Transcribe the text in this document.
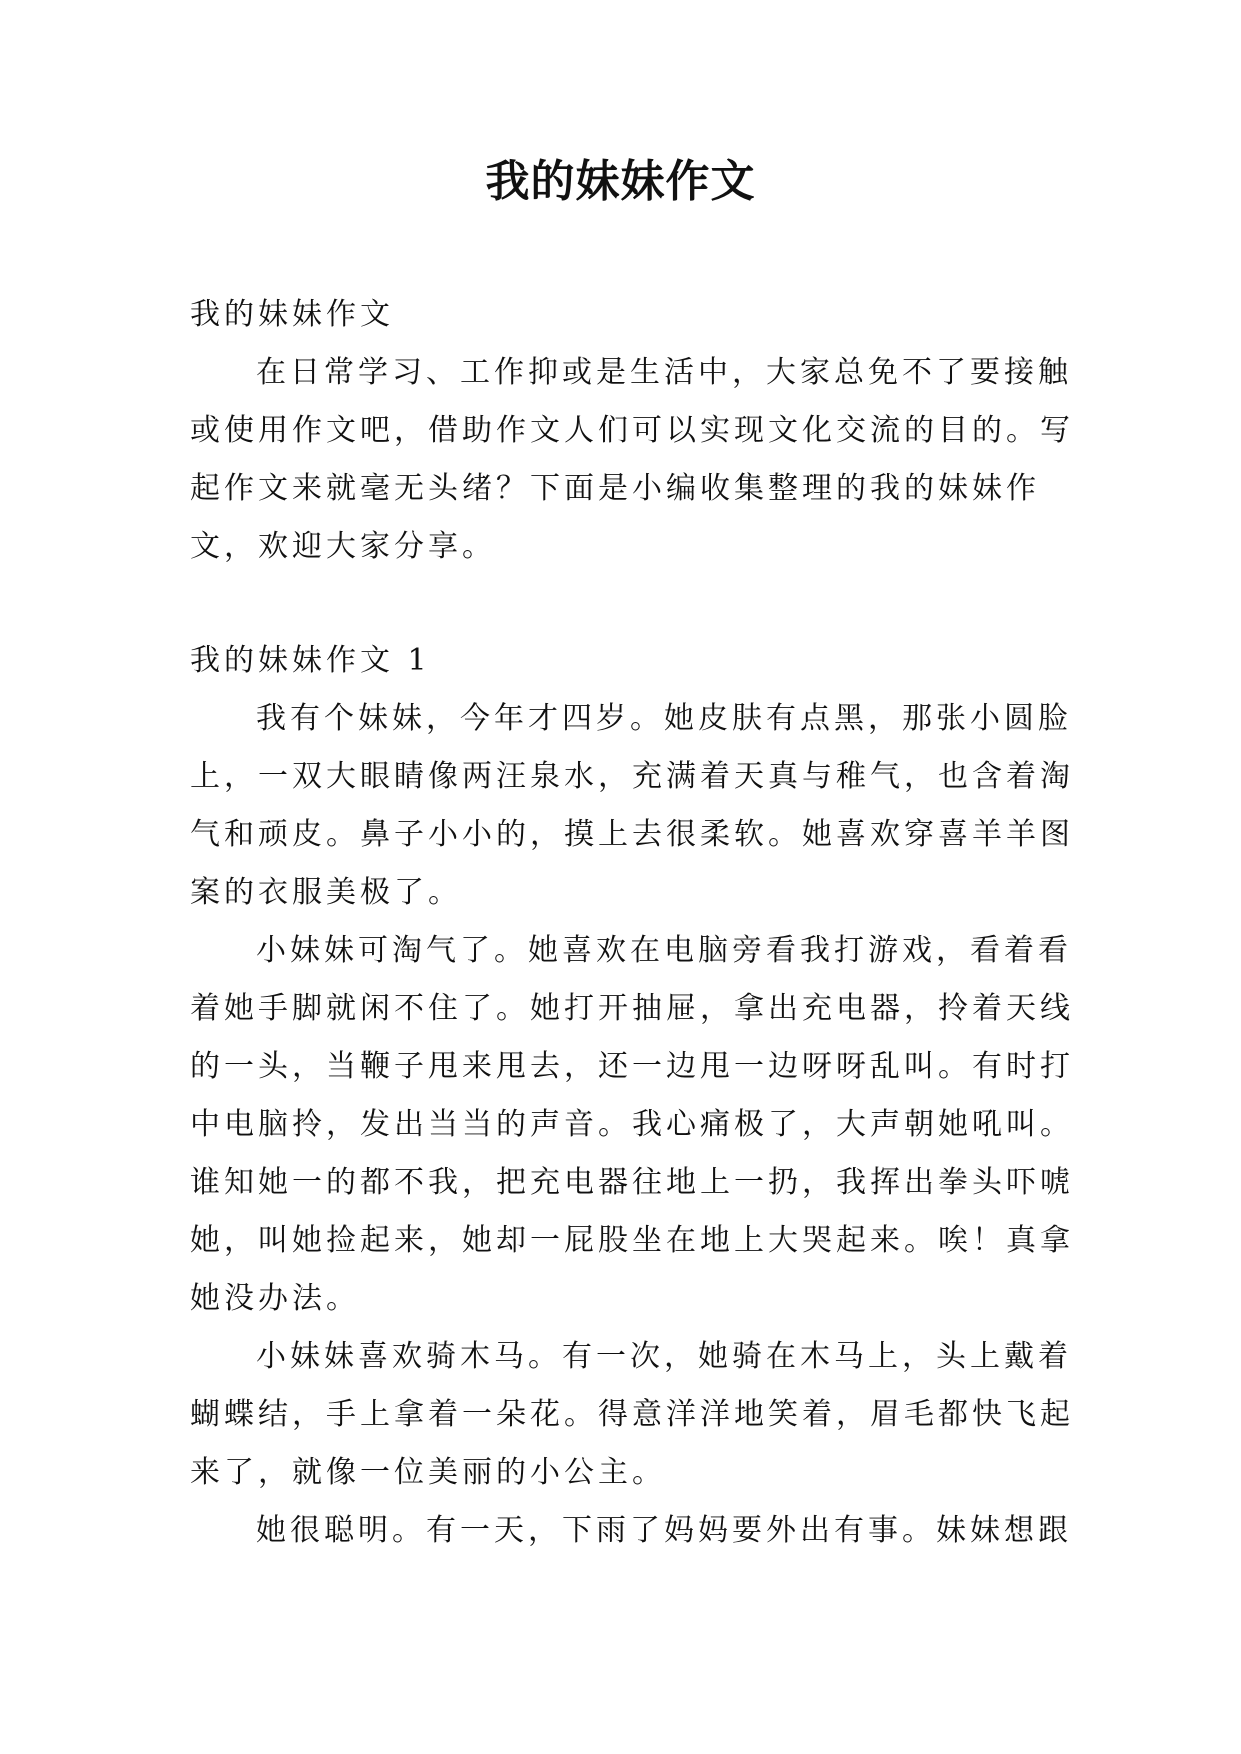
我的妹妹作文
我的妹妹作文
在日常学习、工作抑或是生活中，大家总免不了要接触
或使用作文吧，借助作文人们可以实现文化交流的目的。写
起作文来就毫无头绪？下面是小编收集整理的我的妹妹作
文，欢迎大家分享。
我的妹妹作文 1
我有个妹妹，今年才四岁。她皮肤有点黑，那张小圆脸
上，一双大眼睛像两汪泉水，充满着天真与稚气，也含着淘
气和顽皮。鼻子小小的，摸上去很柔软。她喜欢穿喜羊羊图
案的衣服美极了。
小妹妹可淘气了。她喜欢在电脑旁看我打游戏，看着看
着她手脚就闲不住了。她打开抽屉，拿出充电器，拎着天线
的一头，当鞭子甩来甩去，还一边甩一边呀呀乱叫。有时打
中电脑拎，发出当当的声音。我心痛极了，大声朝她吼叫。
谁知她一的都不我，把充电器往地上一扔，我挥出拳头吓唬
她，叫她捡起来，她却一屁股坐在地上大哭起来。唉！真拿
她没办法。
小妹妹喜欢骑木马。有一次，她骑在木马上，头上戴着
蝴蝶结，手上拿着一朵花。得意洋洋地笑着，眉毛都快飞起
来了，就像一位美丽的小公主。
她很聪明。有一天，下雨了妈妈要外出有事。妹妹想跟
